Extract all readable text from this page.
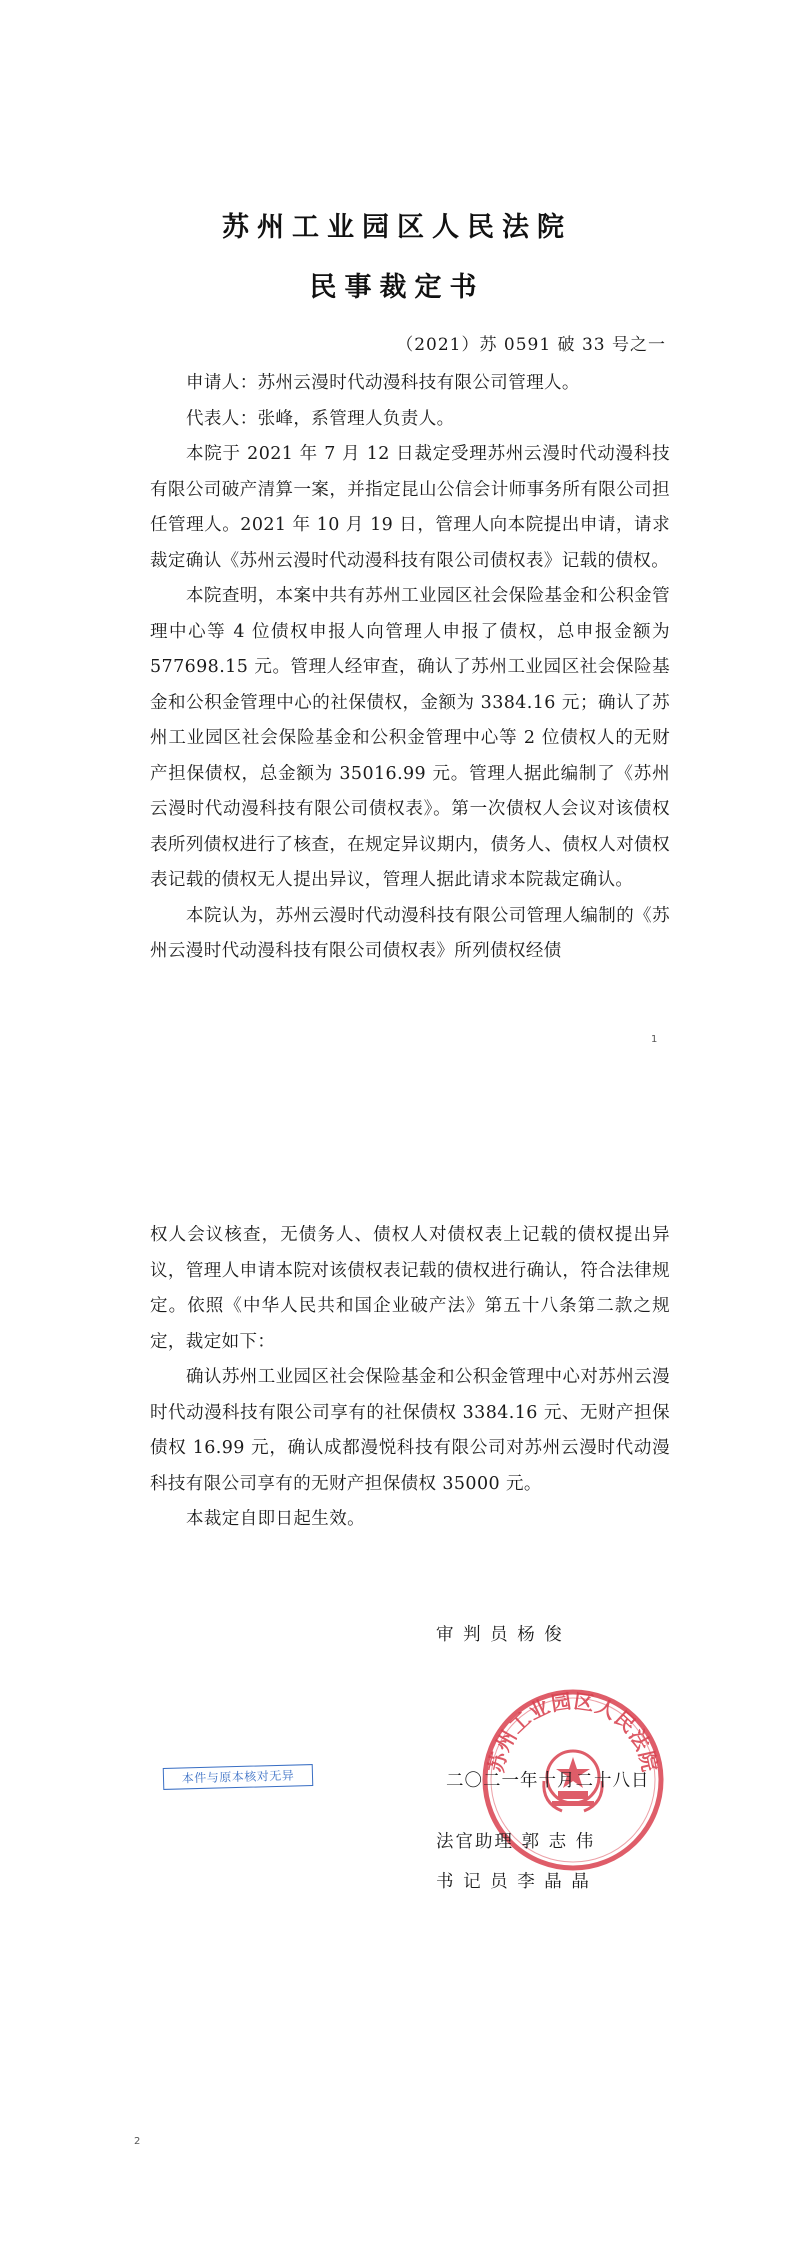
苏州工业园区人民法院
民事裁定书
（2021）苏 0591 破 33 号之一

申请人：苏州云漫时代动漫科技有限公司管理人。

代表人：张峰，系管理人负责人。

本院于 2021 年 7 月 12 日裁定受理苏州云漫时代动漫科技有限公司破产清算一案，并指定昆山公信会计师事务所有限公司担任管理人。2021 年 10 月 19 日，管理人向本院提出申请，请求裁定确认《苏州云漫时代动漫科技有限公司债权表》记载的债权。

本院查明，本案中共有苏州工业园区社会保险基金和公积金管理中心等 4 位债权申报人向管理人申报了债权，总申报金额为 577698.15 元。管理人经审查，确认了苏州工业园区社会保险基金和公积金管理中心的社保债权，金额为 3384.16 元；确认了苏州工业园区社会保险基金和公积金管理中心等 2 位债权人的无财产担保债权，总金额为 35016.99 元。管理人据此编制了《苏州云漫时代动漫科技有限公司债权表》。第一次债权人会议对该债权表所列债权进行了核查，在规定异议期内，债务人、债权人对债权表记载的债权无人提出异议，管理人据此请求本院裁定确认。

本院认为，苏州云漫时代动漫科技有限公司管理人编制的《苏州云漫时代动漫科技有限公司债权表》所列债权经债

1

权人会议核查，无债务人、债权人对债权表上记载的债权提出异议，管理人申请本院对该债权表记载的债权进行确认，符合法律规定。依照《中华人民共和国企业破产法》第五十八条第二款之规定，裁定如下：

确认苏州工业园区社会保险基金和公积金管理中心对苏州云漫时代动漫科技有限公司享有的社保债权 3384.16 元、无财产担保债权 16.99 元，确认成都漫悦科技有限公司对苏州云漫时代动漫科技有限公司享有的无财产担保债权 35000 元。

本裁定自即日起生效。

审 判 员 杨 俊
苏州工业园区人民法院
本件与原本核对无异	二〇二一年十月二十八日
法官助理 郭 志 伟
书 记 员 李 晶 晶
2
